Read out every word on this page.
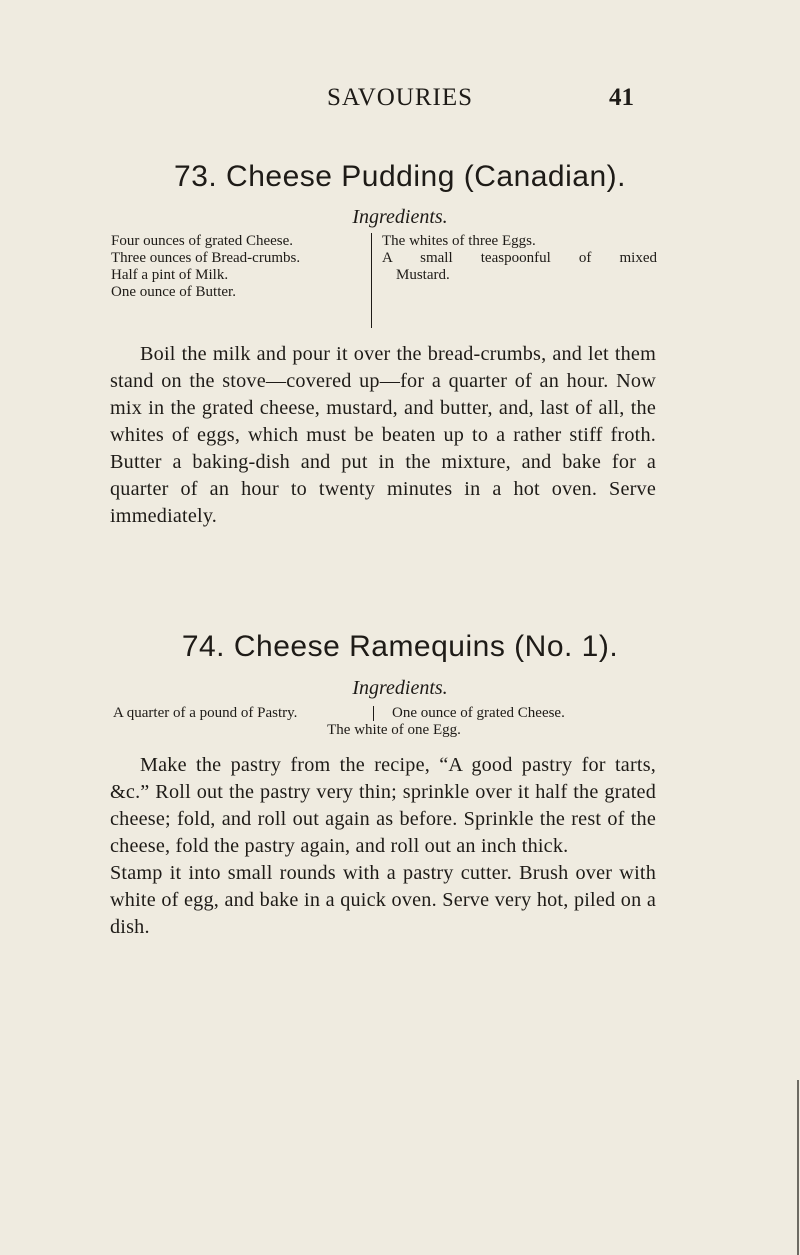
SAVOURIES	41
73. Cheese Pudding (Canadian).
Ingredients.
Four ounces of grated Cheese.
Three ounces of Bread-crumbs.
Half a pint of Milk.
One ounce of Butter.
The whites of three Eggs.
A small teaspoonful of mixed
Mustard.

Boil the milk and pour it over the bread-crumbs, and let them stand on the stove—covered up—for a quarter of an hour. Now mix in the grated cheese, mustard, and butter, and, last of all, the whites of eggs, which must be beaten up to a rather stiff froth. Butter a baking-dish and put in the mixture, and bake for a quarter of an hour to twenty minutes in a hot oven. Serve immediately.

74. Cheese Ramequins (No. 1).
Ingredients.
A quarter of a pound of Pastry.	One ounce of grated Cheese.
The white of one Egg.

Make the pastry from the recipe, “A good pastry for tarts, &c.” Roll out the pastry very thin; sprinkle over it half the grated cheese; fold, and roll out again as before. Sprinkle the rest of the cheese, fold the pastry again, and roll out an inch thick.

Stamp it into small rounds with a pastry cutter. Brush over with white of egg, and bake in a quick oven. Serve very hot, piled on a dish.
